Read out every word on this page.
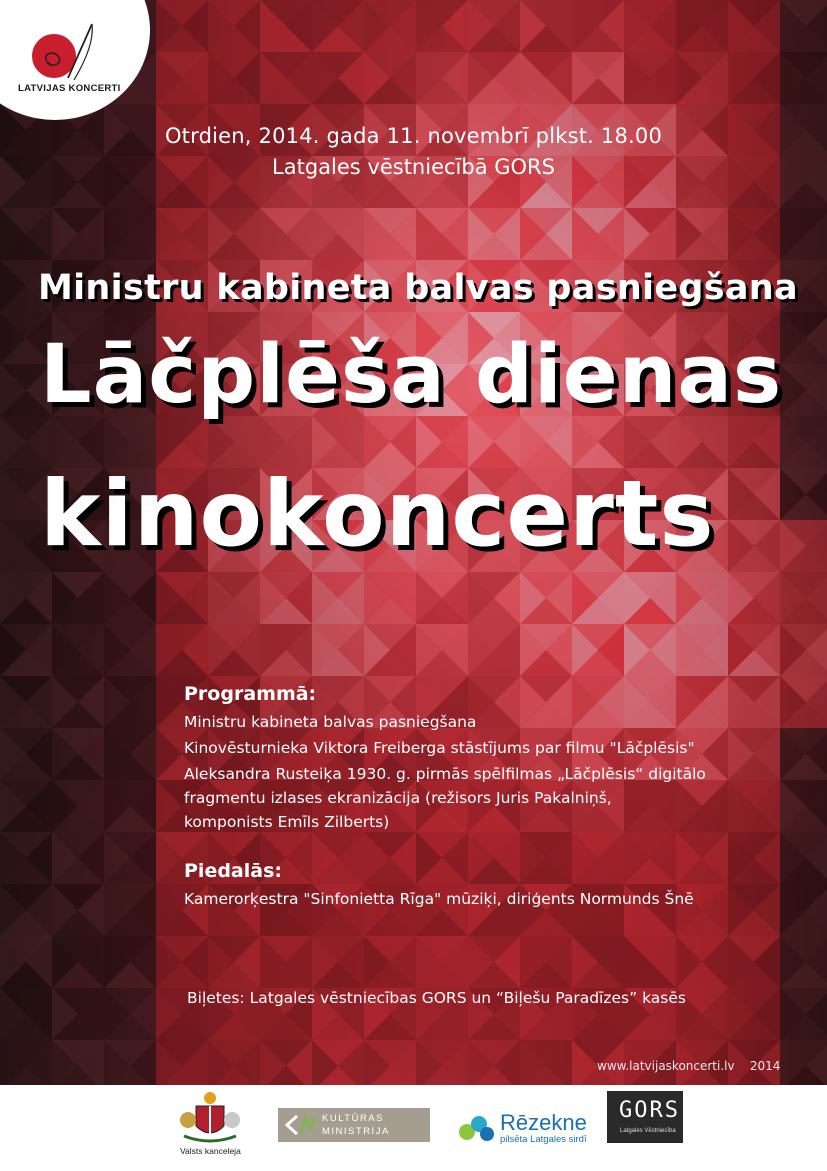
LATVIJAS KONCERTI

Otrdien, 2014. gada 11. novembrī plkst. 18.00

Latgales vēstniecībā GORS

Ministru kabineta balvas pasniegšana

Lāčplēša dienas

kinokoncerts

Programmā:

Ministru kabineta balvas pasniegšana

Kinovēsturnieka Viktora Freiberga stāstījums par filmu "Lāčplēsis"

Aleksandra Rusteiķa 1930. g. pirmās spēlfilmas „Lāčplēsis“ digitālo

fragmentu izlases ekranizācija (režisors Juris Pakalniņš,

komponists Emīls Zilberts)

Piedalās:

Kamerorķestra "Sinfonietta Rīga" mūziķi, diriģents Normunds Šnē

Biļetes: Latgales vēstniecības GORS un “Biļešu Paradīzes” kasēs

www.latvijaskoncerti.lv    2014

Valsts kanceleja
KULTŪRAS
MINISTRIJA	Rēzekne
pilsēta Latgales sirdī
GORS
Latgales Vēstniecība
